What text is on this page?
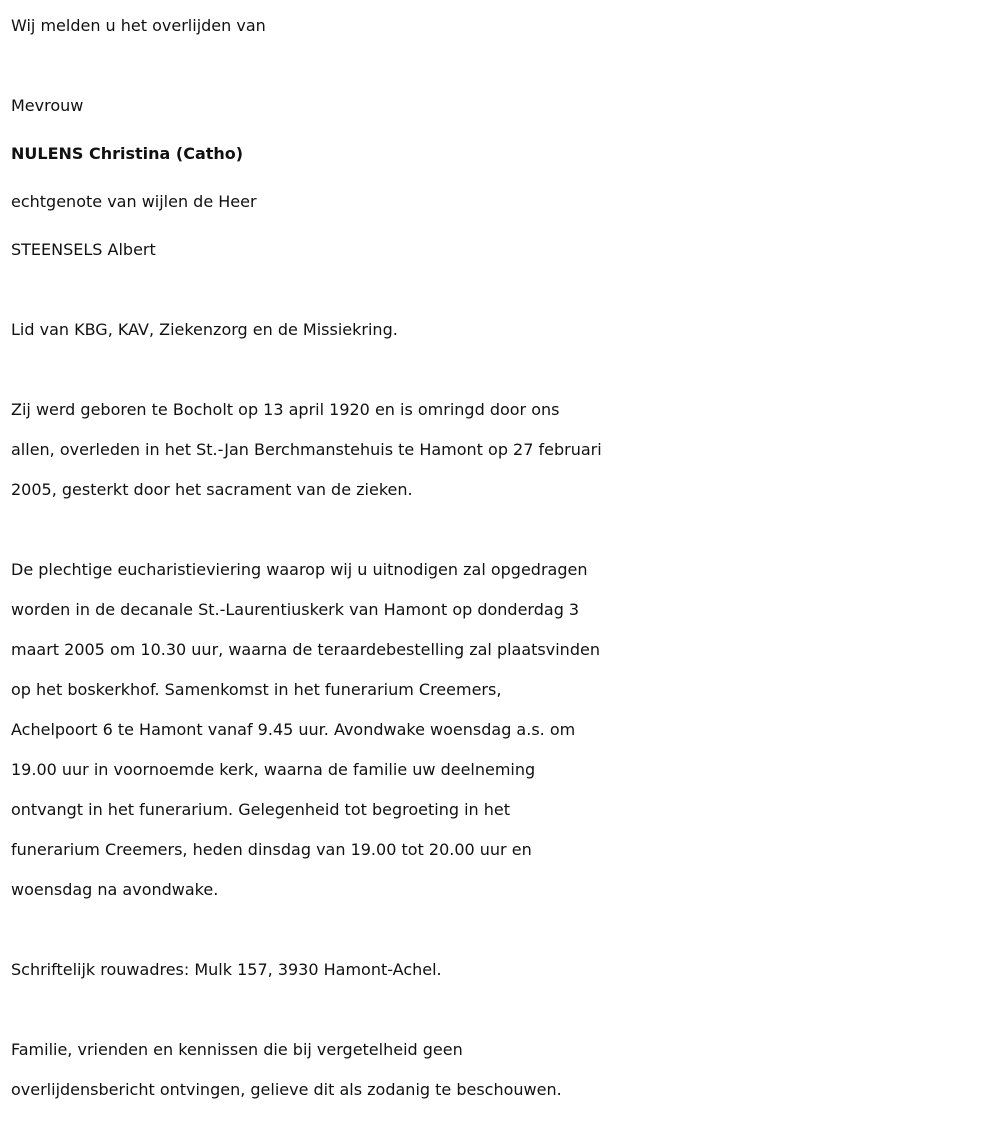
Wij melden u het overlijden van
Mevrouw
NULENS Christina (Catho)
echtgenote van wijlen de Heer
STEENSELS Albert
Lid van KBG, KAV, Ziekenzorg en de Missiekring.
Zij werd geboren te Bocholt op 13 april 1920 en is omringd door ons
allen, overleden in het St.-Jan Berchmanstehuis te Hamont op 27 februari
2005, gesterkt door het sacrament van de zieken.
De plechtige eucharistieviering waarop wij u uitnodigen zal opgedragen
worden in de decanale St.-Laurentiuskerk van Hamont op donderdag 3
maart 2005 om 10.30 uur, waarna de teraardebestelling zal plaatsvinden
op het boskerkhof. Samenkomst in het funerarium Creemers,
Achelpoort 6 te Hamont vanaf 9.45 uur. Avondwake woensdag a.s. om
19.00 uur in voornoemde kerk, waarna de familie uw deelneming
ontvangt in het funerarium. Gelegenheid tot begroeting in het
funerarium Creemers, heden dinsdag van 19.00 tot 20.00 uur en
woensdag na avondwake.
Schriftelijk rouwadres: Mulk 157, 3930 Hamont-Achel.
Familie, vrienden en kennissen die bij vergetelheid geen
overlijdensbericht ontvingen, gelieve dit als zodanig te beschouwen.
